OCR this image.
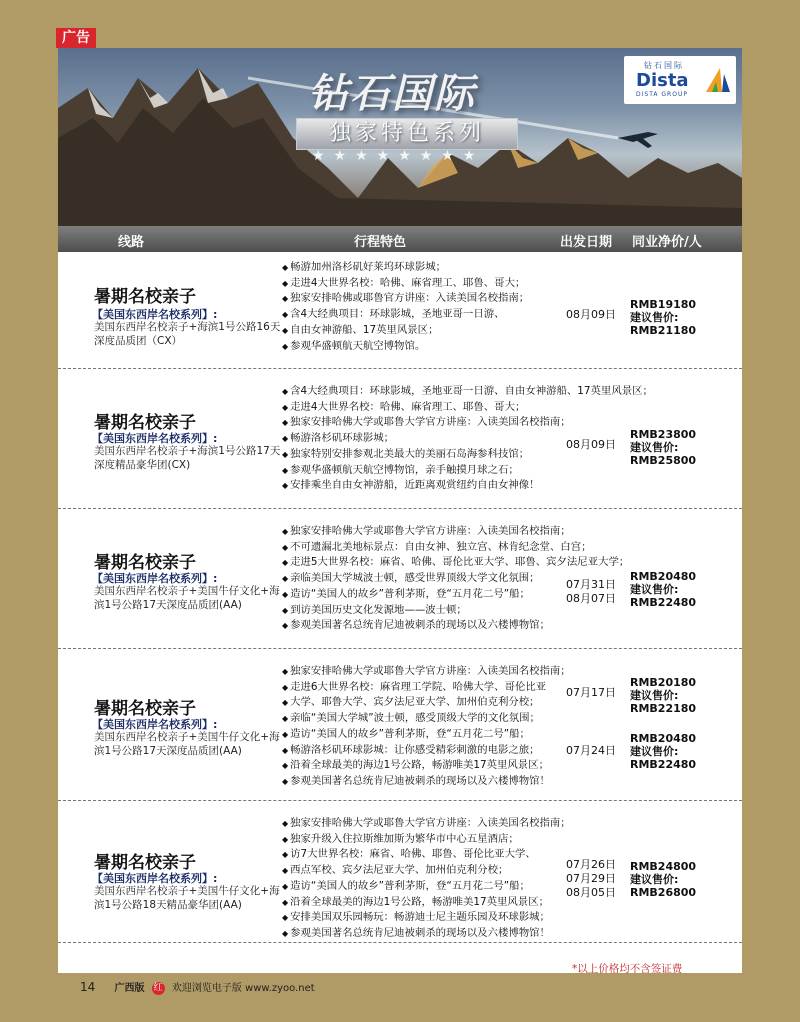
广告
钻石国际
独家特色系列
★★★★★★★★
钻石国际
Dista
DISTA GROUP
线路	行程特色	出发日期 同业净价/人
暑期名校亲子
【美国东西岸名校系列】:
美国东西岸名校亲子+海滨1号公路16天深度品质团（CX）
◆ 畅游加州洛杉矶好莱坞环球影城；
◆ 走进4大世界名校：哈佛、麻省理工、耶鲁、哥大；
◆ 独家安排哈佛或耶鲁官方讲座：入读美国名校指南；
◆ 含4大经典项目：环球影城，圣地亚哥一日游、
◆ 自由女神游船、17英里风景区；
◆ 参观华盛顿航天航空博物馆。
08月09日
RMB19180
建议售价:
RMB21180
暑期名校亲子
【美国东西岸名校系列】:
美国东西岸名校亲子+海滨1号公路17天深度精品豪华团(CX)
◆ 含4大经典项目：环球影城，圣地亚哥一日游、自由女神游船、17英里风景区；
◆ 走进4大世界名校：哈佛、麻省理工、耶鲁、哥大；
◆ 独家安排哈佛大学或耶鲁大学官方讲座：入读美国名校指南；
◆ 畅游洛杉矶环球影城；
◆ 独家特别安排参观北美最大的美丽石岛海参科技馆；
◆ 参观华盛顿航天航空博物馆，亲手触摸月球之石；
◆ 安排乘坐自由女神游船，近距离观赏纽约自由女神像！
08月09日
RMB23800
建议售价:
RMB25800
暑期名校亲子
【美国东西岸名校系列】:
美国东西岸名校亲子+美国牛仔文化+海滨1号公路17天深度品质团(AA)
◆ 独家安排哈佛大学或耶鲁大学官方讲座：入读美国名校指南；
◆ 不可遗漏北美地标景点：自由女神、独立宫、林肯纪念堂、白宫；
◆ 走进5大世界名校：麻省、哈佛、哥伦比亚大学、耶鲁、宾夕法尼亚大学；
◆ 亲临美国大学城波士顿，感受世界顶级大学文化氛围；
◆ 造访“美国人的故乡”普利茅斯，登“五月花二号”船；
◆ 到访美国历史文化发源地——波士顿；
◆ 参观美国著名总统肯尼迪被刺杀的现场以及六楼博物馆；
07月31日
08月07日
RMB20480
建议售价:
RMB22480
暑期名校亲子
【美国东西岸名校系列】:
美国东西岸名校亲子+美国牛仔文化+海滨1号公路17天深度品质团(AA)
◆ 独家安排哈佛大学或耶鲁大学官方讲座：入读美国名校指南；
◆ 走进6大世界名校：麻省理工学院、哈佛大学、哥伦比亚
◆ 大学、耶鲁大学、宾夕法尼亚大学、加州伯克利分校；
◆ 亲临“美国大学城”波士顿，感受顶级大学的文化氛围；
◆ 造访“美国人的故乡”普利茅斯，登“五月花二号”船；
◆ 畅游洛杉矶环球影城：让你感受精彩刺激的电影之旅；
◆ 沿着全球最美的海边1号公路，畅游唯美17英里风景区；
◆ 参观美国著名总统肯尼迪被刺杀的现场以及六楼博物馆！
07月17日
RMB20180
建议售价:
RMB22180
07月24日
RMB20480
建议售价:
RMB22480
暑期名校亲子
【美国东西岸名校系列】:
美国东西岸名校亲子+美国牛仔文化+海滨1号公路18天精品豪华团(AA)
◆ 独家安排哈佛大学或耶鲁大学官方讲座：入读美国名校指南；
◆ 独家升级入住拉斯维加斯为繁华市中心五星酒店；
◆ 访7大世界名校：麻省、哈佛、耶鲁、哥伦比亚大学、
◆ 西点军校、宾夕法尼亚大学、加州伯克利分校；
◆ 造访“美国人的故乡”普利茅斯，登“五月花二号”船；
◆ 沿着全球最美的海边1号公路，畅游唯美17英里风景区；
◆ 安排美国双乐园畅玩：畅游迪士尼主题乐园及环球影城；
◆ 参观美国著名总统肯尼迪被刺杀的现场以及六楼博物馆！
07月26日
07月29日
08月05日
RMB24800
建议售价:
RMB26800
*以上价格均不含签证费
14 广西版 红 欢迎浏览电子版 www.zyoo.net
